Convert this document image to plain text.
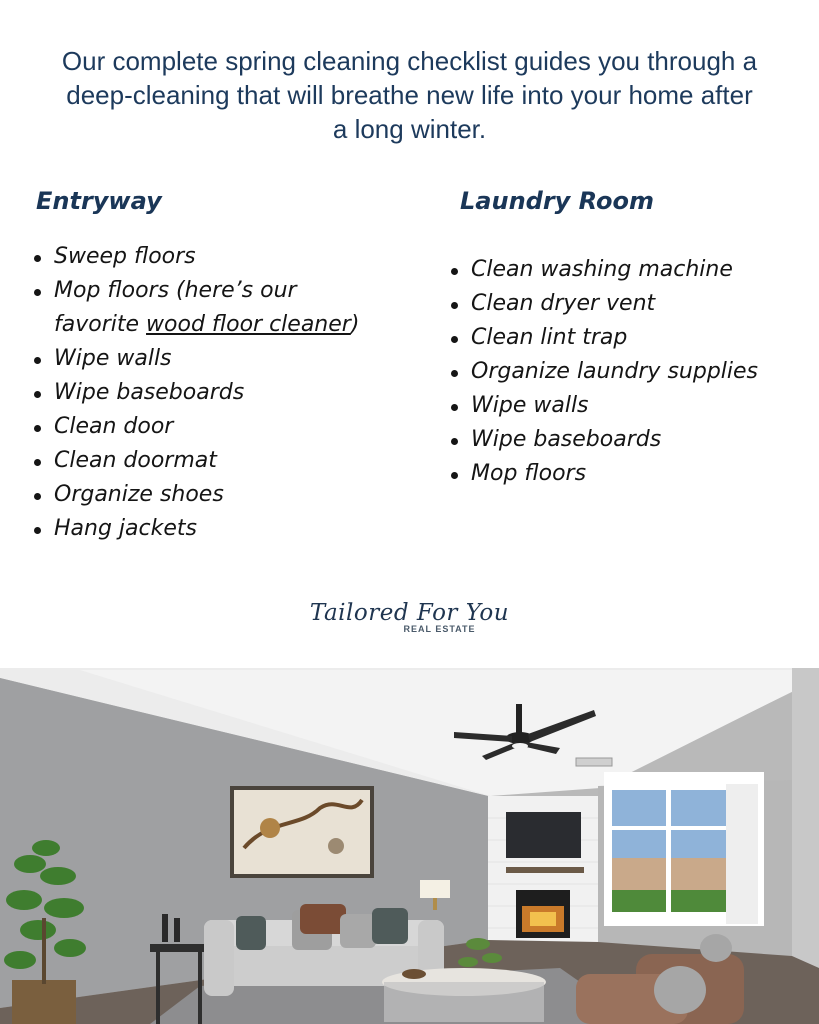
Our complete spring cleaning checklist guides you through a
deep-cleaning that will breathe new life into your home after
a long winter.

Entryway
Sweep floors
Mop floors (here’s our
favorite wood floor cleaner)
Wipe walls
Wipe baseboards
Clean door
Clean doormat
Organize shoes
Hang jackets
Laundry Room
Clean washing machine
Clean dryer vent
Clean lint trap
Organize laundry supplies
Wipe walls
Wipe baseboards
Mop floors
Tailored For You
REAL ESTATE
